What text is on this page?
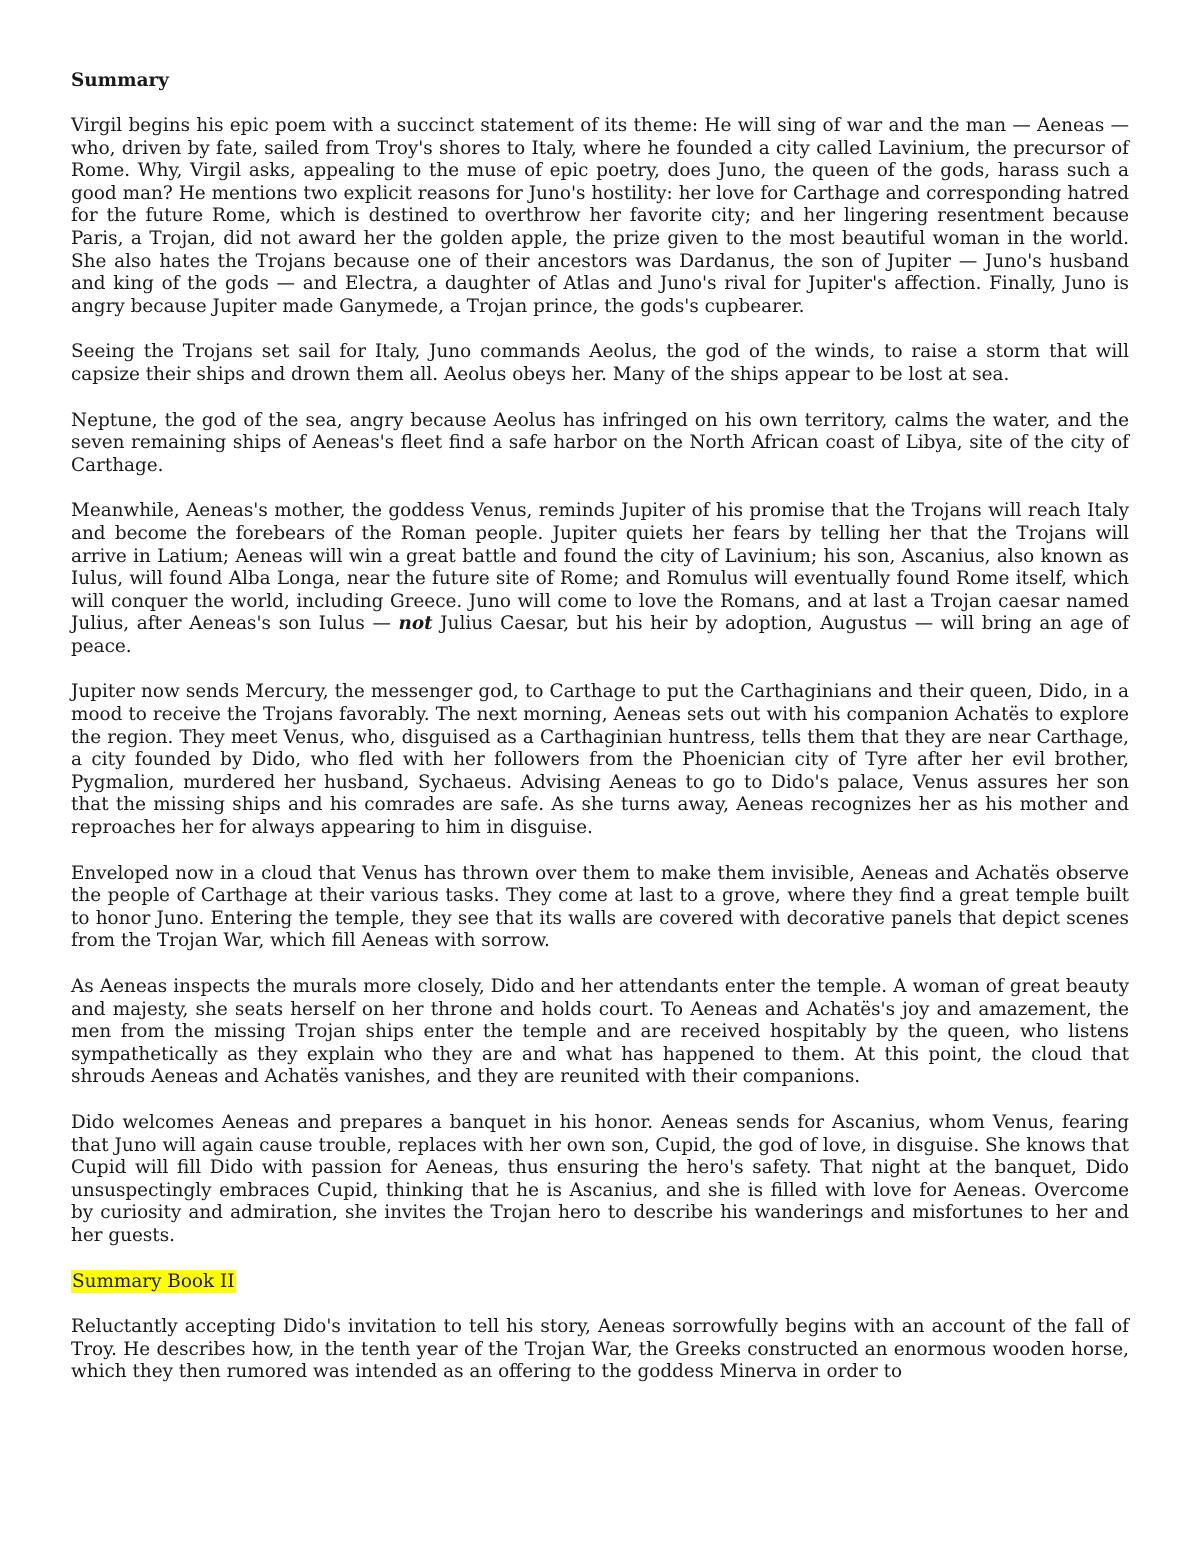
Summary

Virgil begins his epic poem with a succinct statement of its theme: He will sing of war and the man — Aeneas — who, driven by fate, sailed from Troy's shores to Italy, where he founded a city called Lavinium, the precursor of Rome. Why, Virgil asks, appealing to the muse of epic poetry, does Juno, the queen of the gods, harass such a good man? He mentions two explicit reasons for Juno's hostility: her love for Carthage and corresponding hatred for the future Rome, which is destined to overthrow her favorite city; and her lingering resentment because Paris, a Trojan, did not award her the golden apple, the prize given to the most beautiful woman in the world. She also hates the Trojans because one of their ancestors was Dardanus, the son of Jupiter — Juno's husband and king of the gods — and Electra, a daughter of Atlas and Juno's rival for Jupiter's affection. Finally, Juno is angry because Jupiter made Ganymede, a Trojan prince, the gods's cupbearer.

Seeing the Trojans set sail for Italy, Juno commands Aeolus, the god of the winds, to raise a storm that will capsize their ships and drown them all. Aeolus obeys her. Many of the ships appear to be lost at sea.

Neptune, the god of the sea, angry because Aeolus has infringed on his own territory, calms the water, and the seven remaining ships of Aeneas's fleet find a safe harbor on the North African coast of Libya, site of the city of Carthage.

Meanwhile, Aeneas's mother, the goddess Venus, reminds Jupiter of his promise that the Trojans will reach Italy and become the forebears of the Roman people. Jupiter quiets her fears by telling her that the Trojans will arrive in Latium; Aeneas will win a great battle and found the city of Lavinium; his son, Ascanius, also known as Iulus, will found Alba Longa, near the future site of Rome; and Romulus will eventually found Rome itself, which will conquer the world, including Greece. Juno will come to love the Romans, and at last a Trojan caesar named Julius, after Aeneas's son Iulus — not Julius Caesar, but his heir by adoption, Augustus — will bring an age of peace.

Jupiter now sends Mercury, the messenger god, to Carthage to put the Carthaginians and their queen, Dido, in a mood to receive the Trojans favorably. The next morning, Aeneas sets out with his companion Achatës to explore the region. They meet Venus, who, disguised as a Carthaginian huntress, tells them that they are near Carthage, a city founded by Dido, who fled with her followers from the Phoenician city of Tyre after her evil brother, Pygmalion, murdered her husband, Sychaeus. Advising Aeneas to go to Dido's palace, Venus assures her son that the missing ships and his comrades are safe. As she turns away, Aeneas recognizes her as his mother and reproaches her for always appearing to him in disguise.

Enveloped now in a cloud that Venus has thrown over them to make them invisible, Aeneas and Achatës observe the people of Carthage at their various tasks. They come at last to a grove, where they find a great temple built to honor Juno. Entering the temple, they see that its walls are covered with decorative panels that depict scenes from the Trojan War, which fill Aeneas with sorrow.

As Aeneas inspects the murals more closely, Dido and her attendants enter the temple. A woman of great beauty and majesty, she seats herself on her throne and holds court. To Aeneas and Achatës's joy and amazement, the men from the missing Trojan ships enter the temple and are received hospitably by the queen, who listens sympathetically as they explain who they are and what has happened to them. At this point, the cloud that shrouds Aeneas and Achatës vanishes, and they are reunited with their companions.

Dido welcomes Aeneas and prepares a banquet in his honor. Aeneas sends for Ascanius, whom Venus, fearing that Juno will again cause trouble, replaces with her own son, Cupid, the god of love, in disguise. She knows that Cupid will fill Dido with passion for Aeneas, thus ensuring the hero's safety. That night at the banquet, Dido unsuspectingly embraces Cupid, thinking that he is Ascanius, and she is filled with love for Aeneas. Overcome by curiosity and admiration, she invites the Trojan hero to describe his wanderings and misfortunes to her and her guests.

Summary Book II

Reluctantly accepting Dido's invitation to tell his story, Aeneas sorrowfully begins with an account of the fall of Troy. He describes how, in the tenth year of the Trojan War, the Greeks constructed an enormous wooden horse, which they then rumored was intended as an offering to the goddess Minerva in order to
